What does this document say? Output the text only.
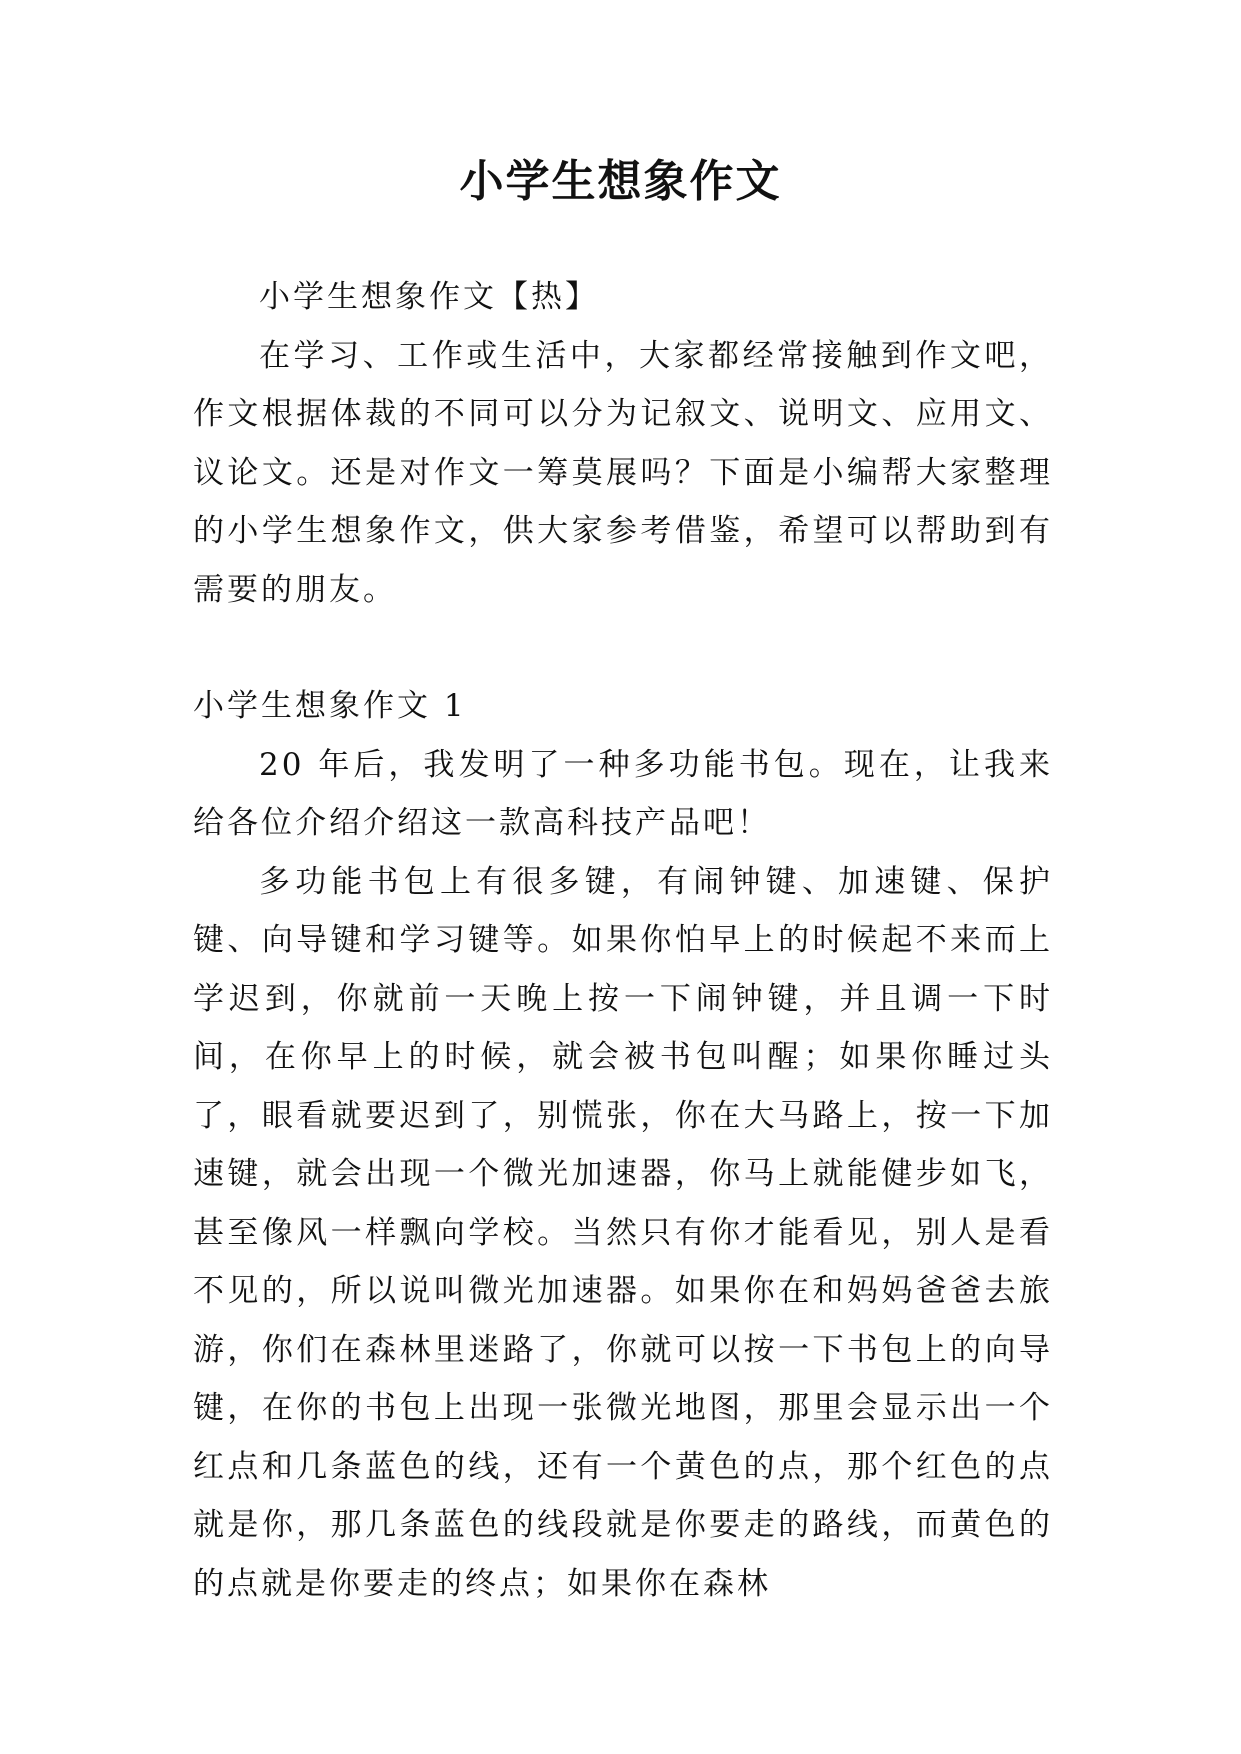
小学生想象作文

小学生想象作文【热】

在学习、工作或生活中，大家都经常接触到作文吧，作文根据体裁的不同可以分为记叙文、说明文、应用文、议论文。还是对作文一筹莫展吗？下面是小编帮大家整理的小学生想象作文，供大家参考借鉴，希望可以帮助到有需要的朋友。

小学生想象作文 1

20 年后，我发明了一种多功能书包。现在，让我来给各位介绍介绍这一款高科技产品吧！

多功能书包上有很多键，有闹钟键、加速键、保护键、向导键和学习键等。如果你怕早上的时候起不来而上学迟到，你就前一天晚上按一下闹钟键，并且调一下时间，在你早上的时候，就会被书包叫醒；如果你睡过头了，眼看就要迟到了，别慌张，你在大马路上，按一下加速键，就会出现一个微光加速器，你马上就能健步如飞，甚至像风一样飘向学校。当然只有你才能看见，别人是看不见的，所以说叫微光加速器。如果你在和妈妈爸爸去旅游，你们在森林里迷路了，你就可以按一下书包上的向导键，在你的书包上出现一张微光地图，那里会显示出一个红点和几条蓝色的线，还有一个黄色的点，那个红色的点就是你，那几条蓝色的线段就是你要走的路线，而黄色的的点就是你要走的终点；如果你在森林
